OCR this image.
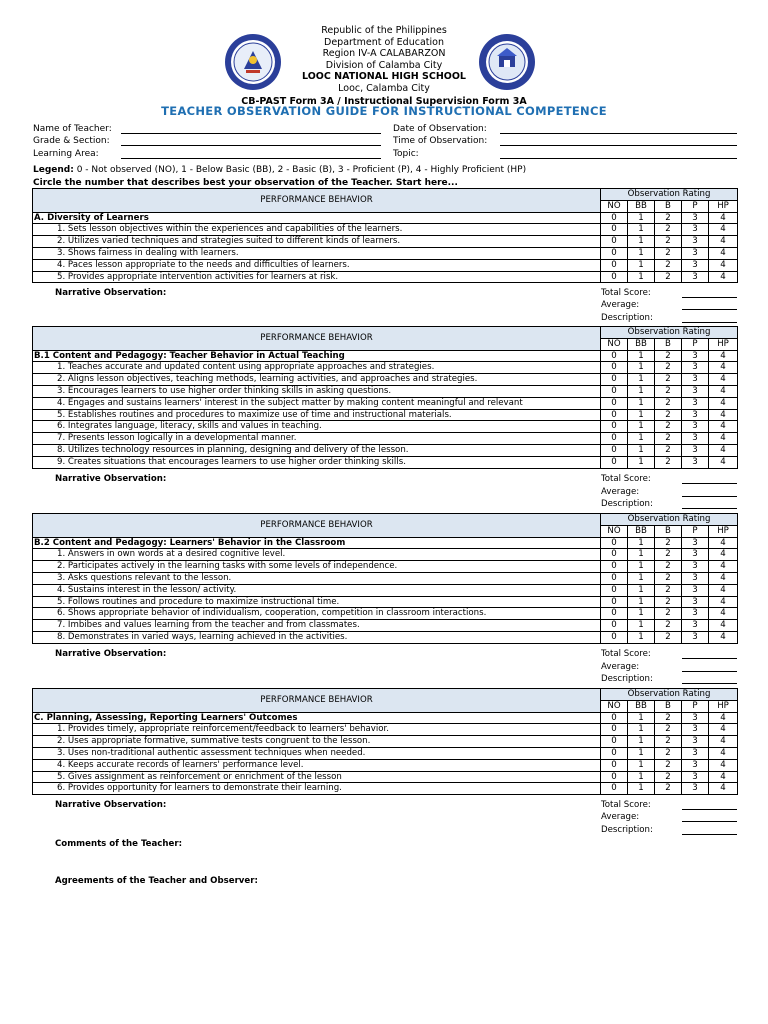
Republic of the Philippines
Department of Education
Region IV-A CALABARZON
Division of Calamba City
LOOC NATIONAL HIGH SCHOOL
Looc, Calamba City
CB-PAST Form 3A / Instructional Supervision Form 3A
TEACHER OBSERVATION GUIDE FOR INSTRUCTIONAL COMPETENCE
Name of Teacher:
Grade & Section:
Learning Area:
Date of Observation:
Time of Observation:
Topic:
Legend: 0 - Not observed (NO), 1 - Below Basic (BB), 2 - Basic (B), 3 - Proficient (P), 4 - Highly Proficient (HP)
Circle the number that describes best your observation of the Teacher. Start here...
PERFORMANCE BEHAVIOR	Observation Rating				
	NO	BB	B	P	HP
A. Diversity of Learners	0	1	2	3	4
1. Sets lesson objectives within the experiences and capabilities of the learners.	0	1	2	3	4
2. Utilizes varied techniques and strategies suited to different kinds of learners.	0	1	2	3	4
3. Shows fairness in dealing with learners.	0	1	2	3	4
4. Paces lesson appropriate to the needs and difficulties of learners.	0	1	2	3	4
5. Provides appropriate intervention activities for learners at risk.	0	1	2	3	4
Narrative Observation:	Total Score:
Average:
Description:
PERFORMANCE BEHAVIOR	Observation Rating				
	NO	BB	B	P	HP
B.1 Content and Pedagogy: Teacher Behavior in Actual Teaching	0	1	2	3	4
1. Teaches accurate and updated content using appropriate approaches and strategies.	0	1	2	3	4
2. Aligns lesson objectives, teaching methods, learning activities, and approaches and strategies.	0	1	2	3	4
3. Encourages learners to use higher order thinking skills in asking questions.	0	1	2	3	4
4. Engages and sustains learners' interest in the subject matter by making content meaningful and relevant	0	1	2	3	4
5. Establishes routines and procedures to maximize use of time and instructional materials.	0	1	2	3	4
6. Integrates language, literacy, skills and values in teaching.	0	1	2	3	4
7. Presents lesson logically in a developmental manner.	0	1	2	3	4
8. Utilizes technology resources in planning, designing and delivery of the lesson.	0	1	2	3	4
9. Creates situations that encourages learners to use higher order thinking skills.	0	1	2	3	4
Narrative Observation:	Total Score:
Average:
Description:
PERFORMANCE BEHAVIOR	Observation Rating				
	NO	BB	B	P	HP
B.2 Content and Pedagogy: Learners' Behavior in the Classroom	0	1	2	3	4
1. Answers in own words at a desired cognitive level.	0	1	2	3	4
2. Participates actively in the learning tasks with some levels of independence.	0	1	2	3	4
3. Asks questions relevant to the lesson.	0	1	2	3	4
4. Sustains interest in the lesson/ activity.	0	1	2	3	4
5. Follows routines and procedure to maximize instructional time.	0	1	2	3	4
6. Shows appropriate behavior of individualism, cooperation, competition in classroom interactions.	0	1	2	3	4
7. Imbibes and values learning from the teacher and from classmates.	0	1	2	3	4
8. Demonstrates in varied ways, learning achieved in the activities.	0	1	2	3	4
Narrative Observation:	Total Score:
Average:
Description:
PERFORMANCE BEHAVIOR	Observation Rating				
	NO	BB	B	P	HP
C. Planning, Assessing, Reporting Learners' Outcomes	0	1	2	3	4
1. Provides timely, appropriate reinforcement/feedback to learners' behavior.	0	1	2	3	4
2. Uses appropriate formative, summative tests congruent to the lesson.	0	1	2	3	4
3. Uses non-traditional authentic assessment techniques when needed.	0	1	2	3	4
4. Keeps accurate records of learners' performance level.	0	1	2	3	4
5. Gives assignment as reinforcement or enrichment of the lesson	0	1	2	3	4
6. Provides opportunity for learners to demonstrate their learning.	0	1	2	3	4
Narrative Observation:	Total Score:
Average:
Description:
Comments of the Teacher:
Agreements of the Teacher and Observer:
